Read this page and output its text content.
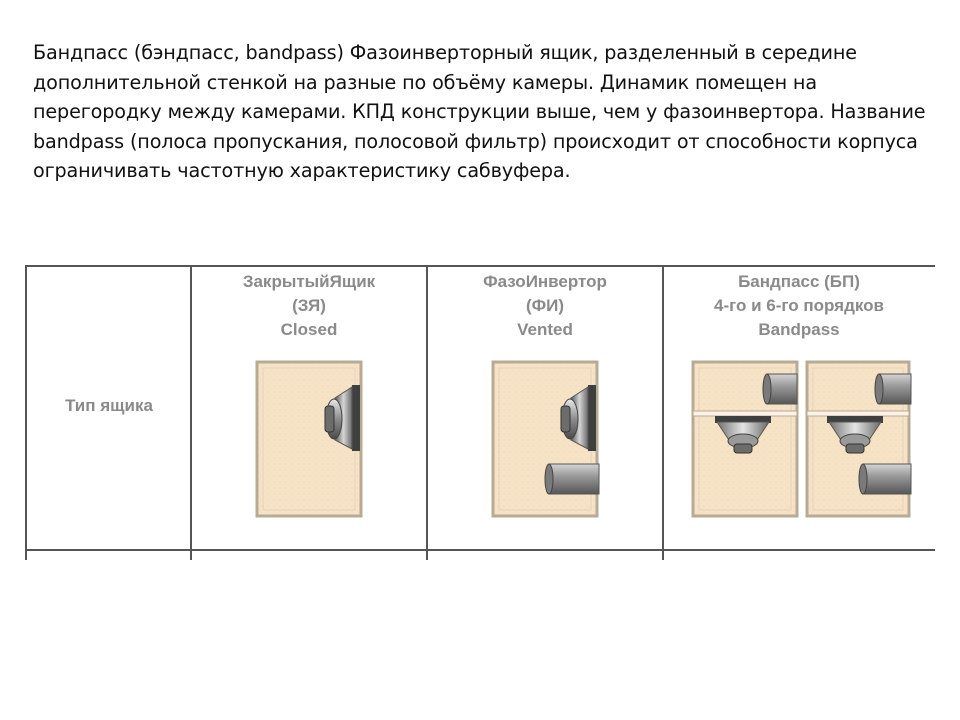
Бандпасс (бэндпасс, bandpass) Фазоинверторный ящик, разделенный в середине
дополнительной стенкой на разные по объёму камеры. Динамик помещен на
перегородку между камерами. КПД конструкции выше, чем у фазоинвертора. Название
bandpass (полоса пропускания, полосовой фильтр) происходит от способности корпуса
ограничивать частотную характеристику сабвуфера.
Тип ящика
ЗакрытыйЯщик
(ЗЯ)
Closed
ФазоИнвертор
(ФИ)
Vented
Бандпасс (БП)
4-го и 6-го порядков
Bandpass
